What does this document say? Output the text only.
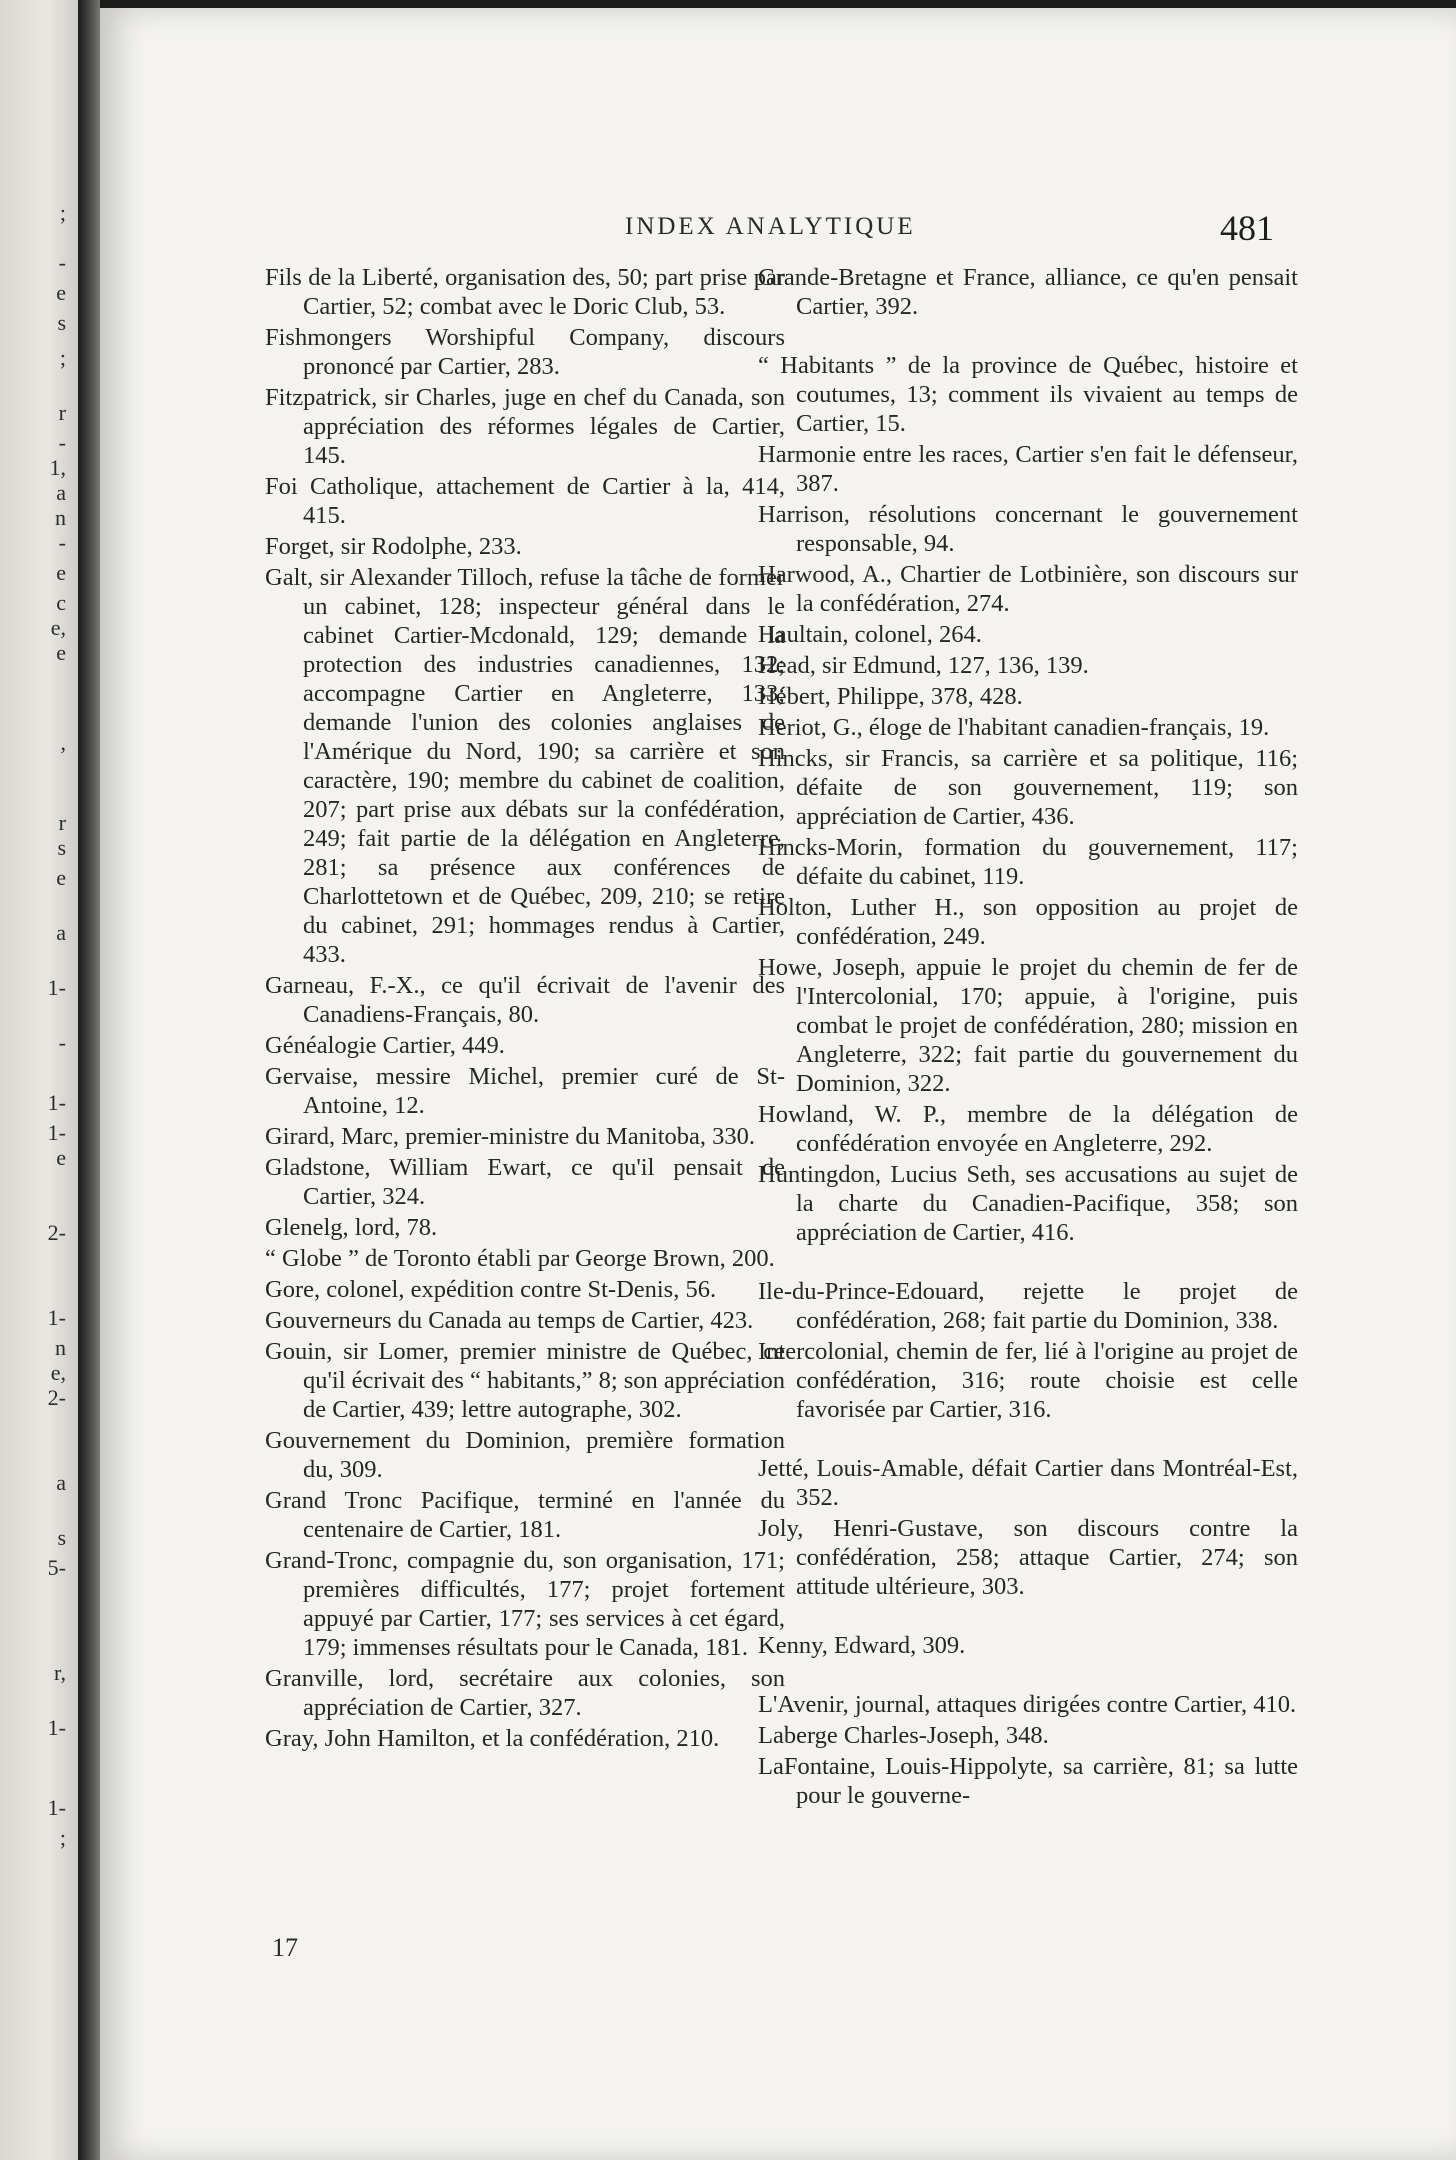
;
-
e
s
;
r
-
1,
a
n
-
e
c
e,
e
,
r
s
e
a
1-
-
1-
1-
e
2-
1-
n
e,
2-
a
s
5-
r,
1-
1-
;
INDEX ANALYTIQUE	481
Fils de la Liberté, organisation des, 50; part prise par Cartier, 52; combat avec le Doric Club, 53.
Fishmongers Worshipful Company, discours prononcé par Cartier, 283.
Fitzpatrick, sir Charles, juge en chef du Canada, son appréciation des réformes légales de Cartier, 145.
Foi Catholique, attachement de Cartier à la, 414, 415.
Forget, sir Rodolphe, 233.
Galt, sir Alexander Tilloch, refuse la tâche de former un cabinet, 128; inspecteur général dans le cabinet Cartier-Mcdonald, 129; demande la protection des industries canadiennes, 132; accompagne Cartier en Angleterre, 133; demande l'union des colonies anglaises de l'Amérique du Nord, 190; sa carrière et son caractère, 190; membre du cabinet de coalition, 207; part prise aux débats sur la confédération, 249; fait partie de la délégation en Angleterre, 281; sa présence aux conférences de Charlottetown et de Québec, 209, 210; se retire du cabinet, 291; hommages rendus à Cartier, 433.
Garneau, F.-X., ce qu'il écrivait de l'avenir des Canadiens-Français, 80.
Généalogie Cartier, 449.
Gervaise, messire Michel, premier curé de St-Antoine, 12.
Girard, Marc, premier-ministre du Manitoba, 330.
Gladstone, William Ewart, ce qu'il pensait de Cartier, 324.
Glenelg, lord, 78.
“ Globe ” de Toronto établi par George Brown, 200.
Gore, colonel, expédition contre St-Denis, 56.
Gouverneurs du Canada au temps de Cartier, 423.
Gouin, sir Lomer, premier ministre de Québec, ce qu'il écrivait des “ habitants,” 8; son appréciation de Cartier, 439; lettre autographe, 302.
Gouvernement du Dominion, première formation du, 309.
Grand Tronc Pacifique, terminé en l'année du centenaire de Cartier, 181.
Grand-Tronc, compagnie du, son organisation, 171; premières difficultés, 177; projet fortement appuyé par Cartier, 177; ses services à cet égard, 179; immenses résultats pour le Canada, 181.
Granville, lord, secrétaire aux colonies, son appréciation de Cartier, 327.
Gray, John Hamilton, et la confédération, 210.
Grande-Bretagne et France, alliance, ce qu'en pensait Cartier, 392.
“ Habitants ” de la province de Québec, histoire et coutumes, 13; comment ils vivaient au temps de Cartier, 15.
Harmonie entre les races, Cartier s'en fait le défenseur, 387.
Harrison, résolutions concernant le gouvernement responsable, 94.
Harwood, A., Chartier de Lotbinière, son discours sur la confédération, 274.
Haultain, colonel, 264.
Head, sir Edmund, 127, 136, 139.
Hébert, Philippe, 378, 428.
Heriot, G., éloge de l'habitant canadien-français, 19.
Hincks, sir Francis, sa carrière et sa politique, 116; défaite de son gouvernement, 119; son appréciation de Cartier, 436.
Hincks-Morin, formation du gouvernement, 117; défaite du cabinet, 119.
Holton, Luther H., son opposition au projet de confédération, 249.
Howe, Joseph, appuie le projet du chemin de fer de l'Intercolonial, 170; appuie, à l'origine, puis combat le projet de confédération, 280; mission en Angleterre, 322; fait partie du gouvernement du Dominion, 322.
Howland, W. P., membre de la délégation de confédération envoyée en Angleterre, 292.
Huntingdon, Lucius Seth, ses accusations au sujet de la charte du Canadien-Pacifique, 358; son appréciation de Cartier, 416.
Ile-du-Prince-Edouard, rejette le projet de confédération, 268; fait partie du Dominion, 338.
Intercolonial, chemin de fer, lié à l'origine au projet de confédération, 316; route choisie est celle favorisée par Cartier, 316.
Jetté, Louis-Amable, défait Cartier dans Montréal-Est, 352.
Joly, Henri-Gustave, son discours contre la confédération, 258; attaque Cartier, 274; son attitude ultérieure, 303.
Kenny, Edward, 309.
L'Avenir, journal, attaques dirigées contre Cartier, 410.
Laberge Charles-Joseph, 348.
LaFontaine, Louis-Hippolyte, sa carrière, 81; sa lutte pour le gouverne-
17
